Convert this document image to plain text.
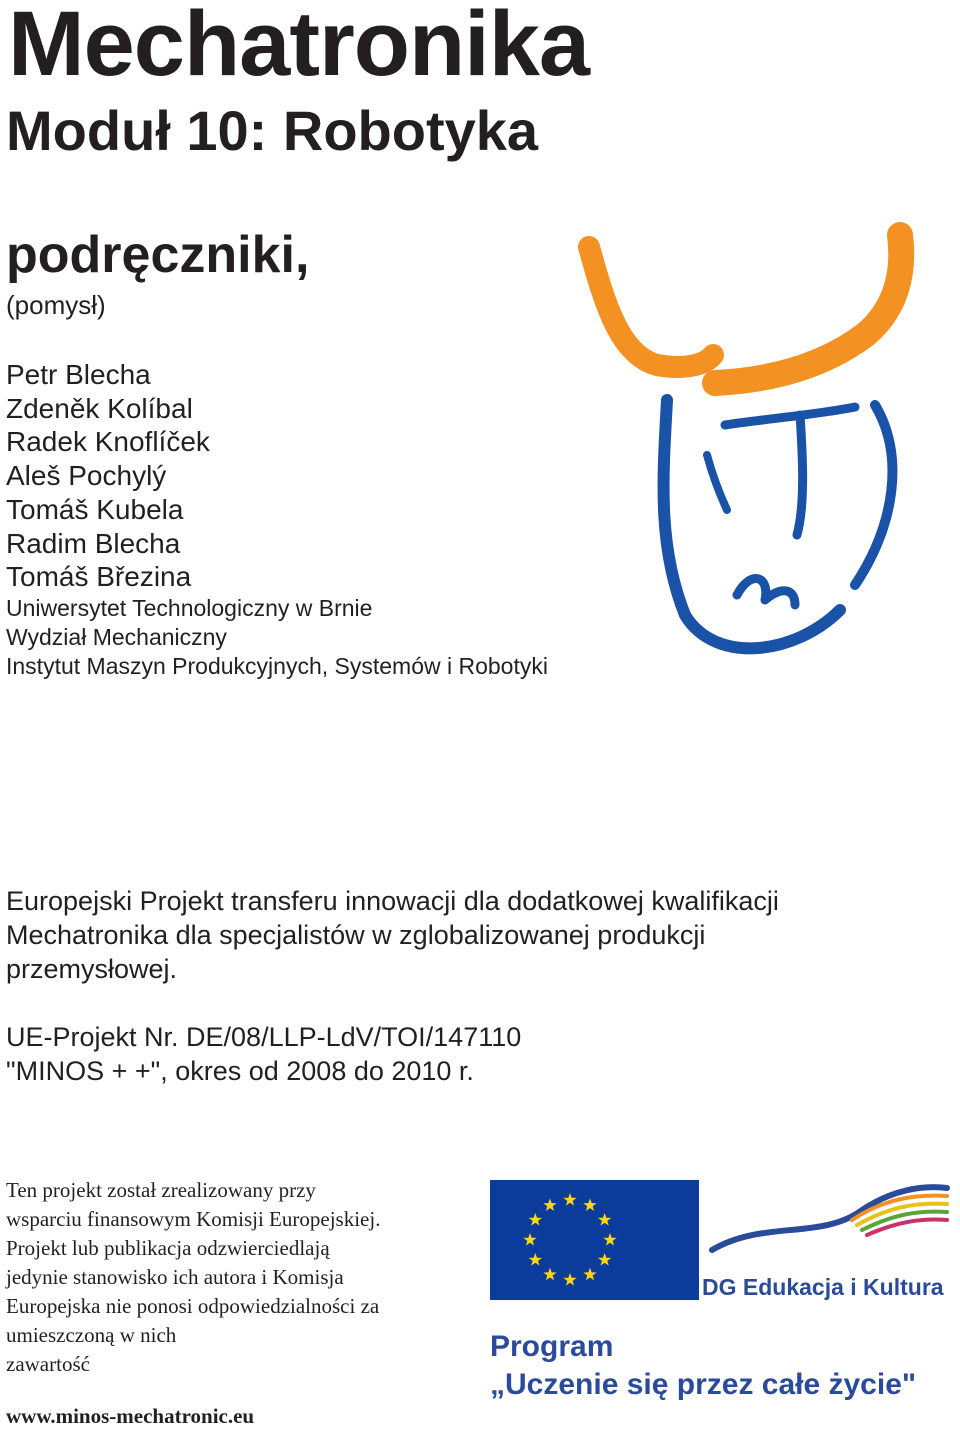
Mechatronika
Moduł 10: Robotyka
podręczniki,
(pomysł)
Petr Blecha
Zdeněk Kolíbal
Radek Knoflíček
Aleš Pochylý
Tomáš Kubela
Radim Blecha
Tomáš Březina
Uniwersytet Technologiczny w Brnie
Wydział Mechaniczny
Instytut Maszyn Produkcyjnych, Systemów i Robotyki
Europejski Projekt transferu innowacji dla dodatkowej kwalifikacji
Mechatronika dla specjalistów w zglobalizowanej produkcji
przemysłowej.
UE-Projekt Nr. DE/08/LLP-LdV/TOI/147110
"MINOS + +", okres od 2008 do 2010 r.
Ten projekt został zrealizowany przy
wsparciu finansowym Komisji Europejskiej.
Projekt lub publikacja odzwierciedlają
jedynie stanowisko ich autora i Komisja
Europejska nie ponosi odpowiedzialności za
umieszczoną w nich
zawartość
www.minos-mechatronic.eu
DG Edukacja i Kultura
Program
„Uczenie się przez całe życie"
